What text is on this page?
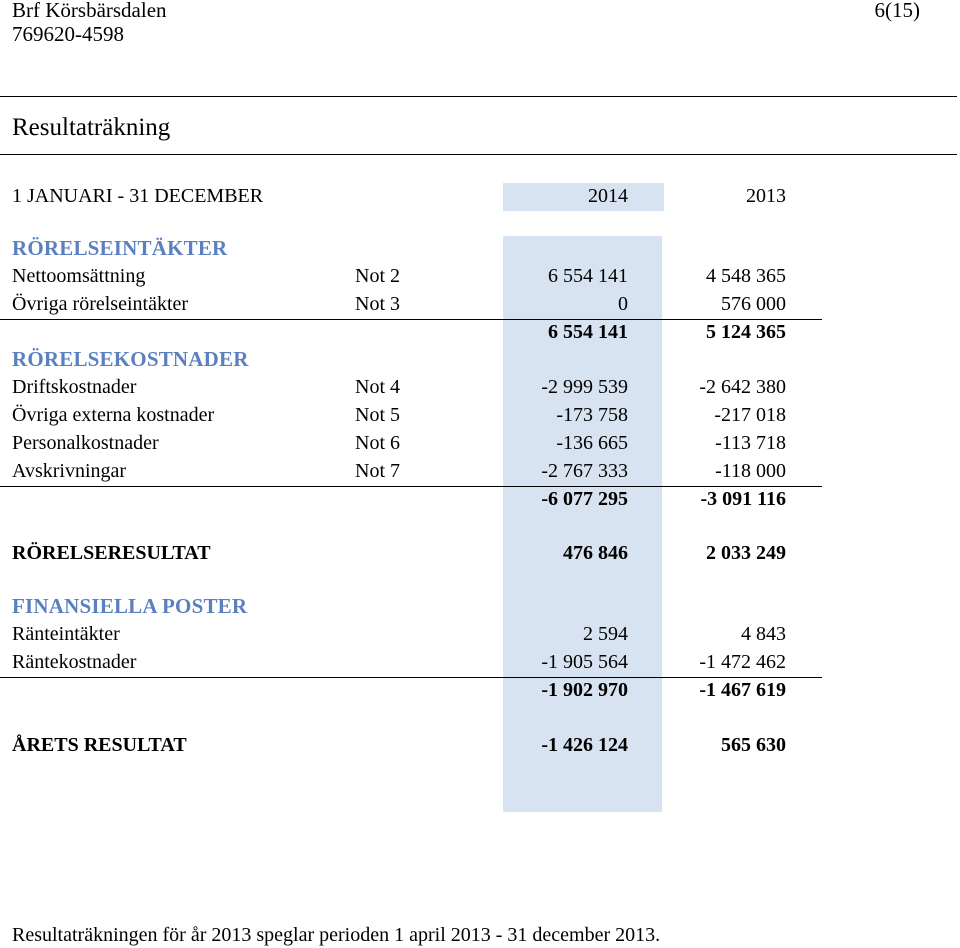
Brf Körsbärsdalen
769620-4598
6(15)
Resultaträkning
1 JANUARI - 31 DECEMBER	2014	2013
RÖRELSEINTÄKTER
Nettoomsättning	Not 2	6 554 141	4 548 365
Övriga rörelseintäkter	Not 3	0	576 000
6 554 141	5 124 365
RÖRELSEKOSTNADER
Driftskostnader	Not 4	-2 999 539	-2 642 380
Övriga externa kostnader	Not 5	-173 758	-217 018
Personalkostnader	Not 6	-136 665	-113 718
Avskrivningar	Not 7	-2 767 333	-118 000
-6 077 295	-3 091 116
RÖRELSERESULTAT	476 846	2 033 249
FINANSIELLA POSTER
Ränteintäkter	2 594	4 843
Räntekostnader	-1 905 564	-1 472 462
-1 902 970	-1 467 619
ÅRETS RESULTAT	-1 426 124	565 630
Resultaträkningen för år 2013 speglar perioden 1 april 2013 - 31 december 2013.
